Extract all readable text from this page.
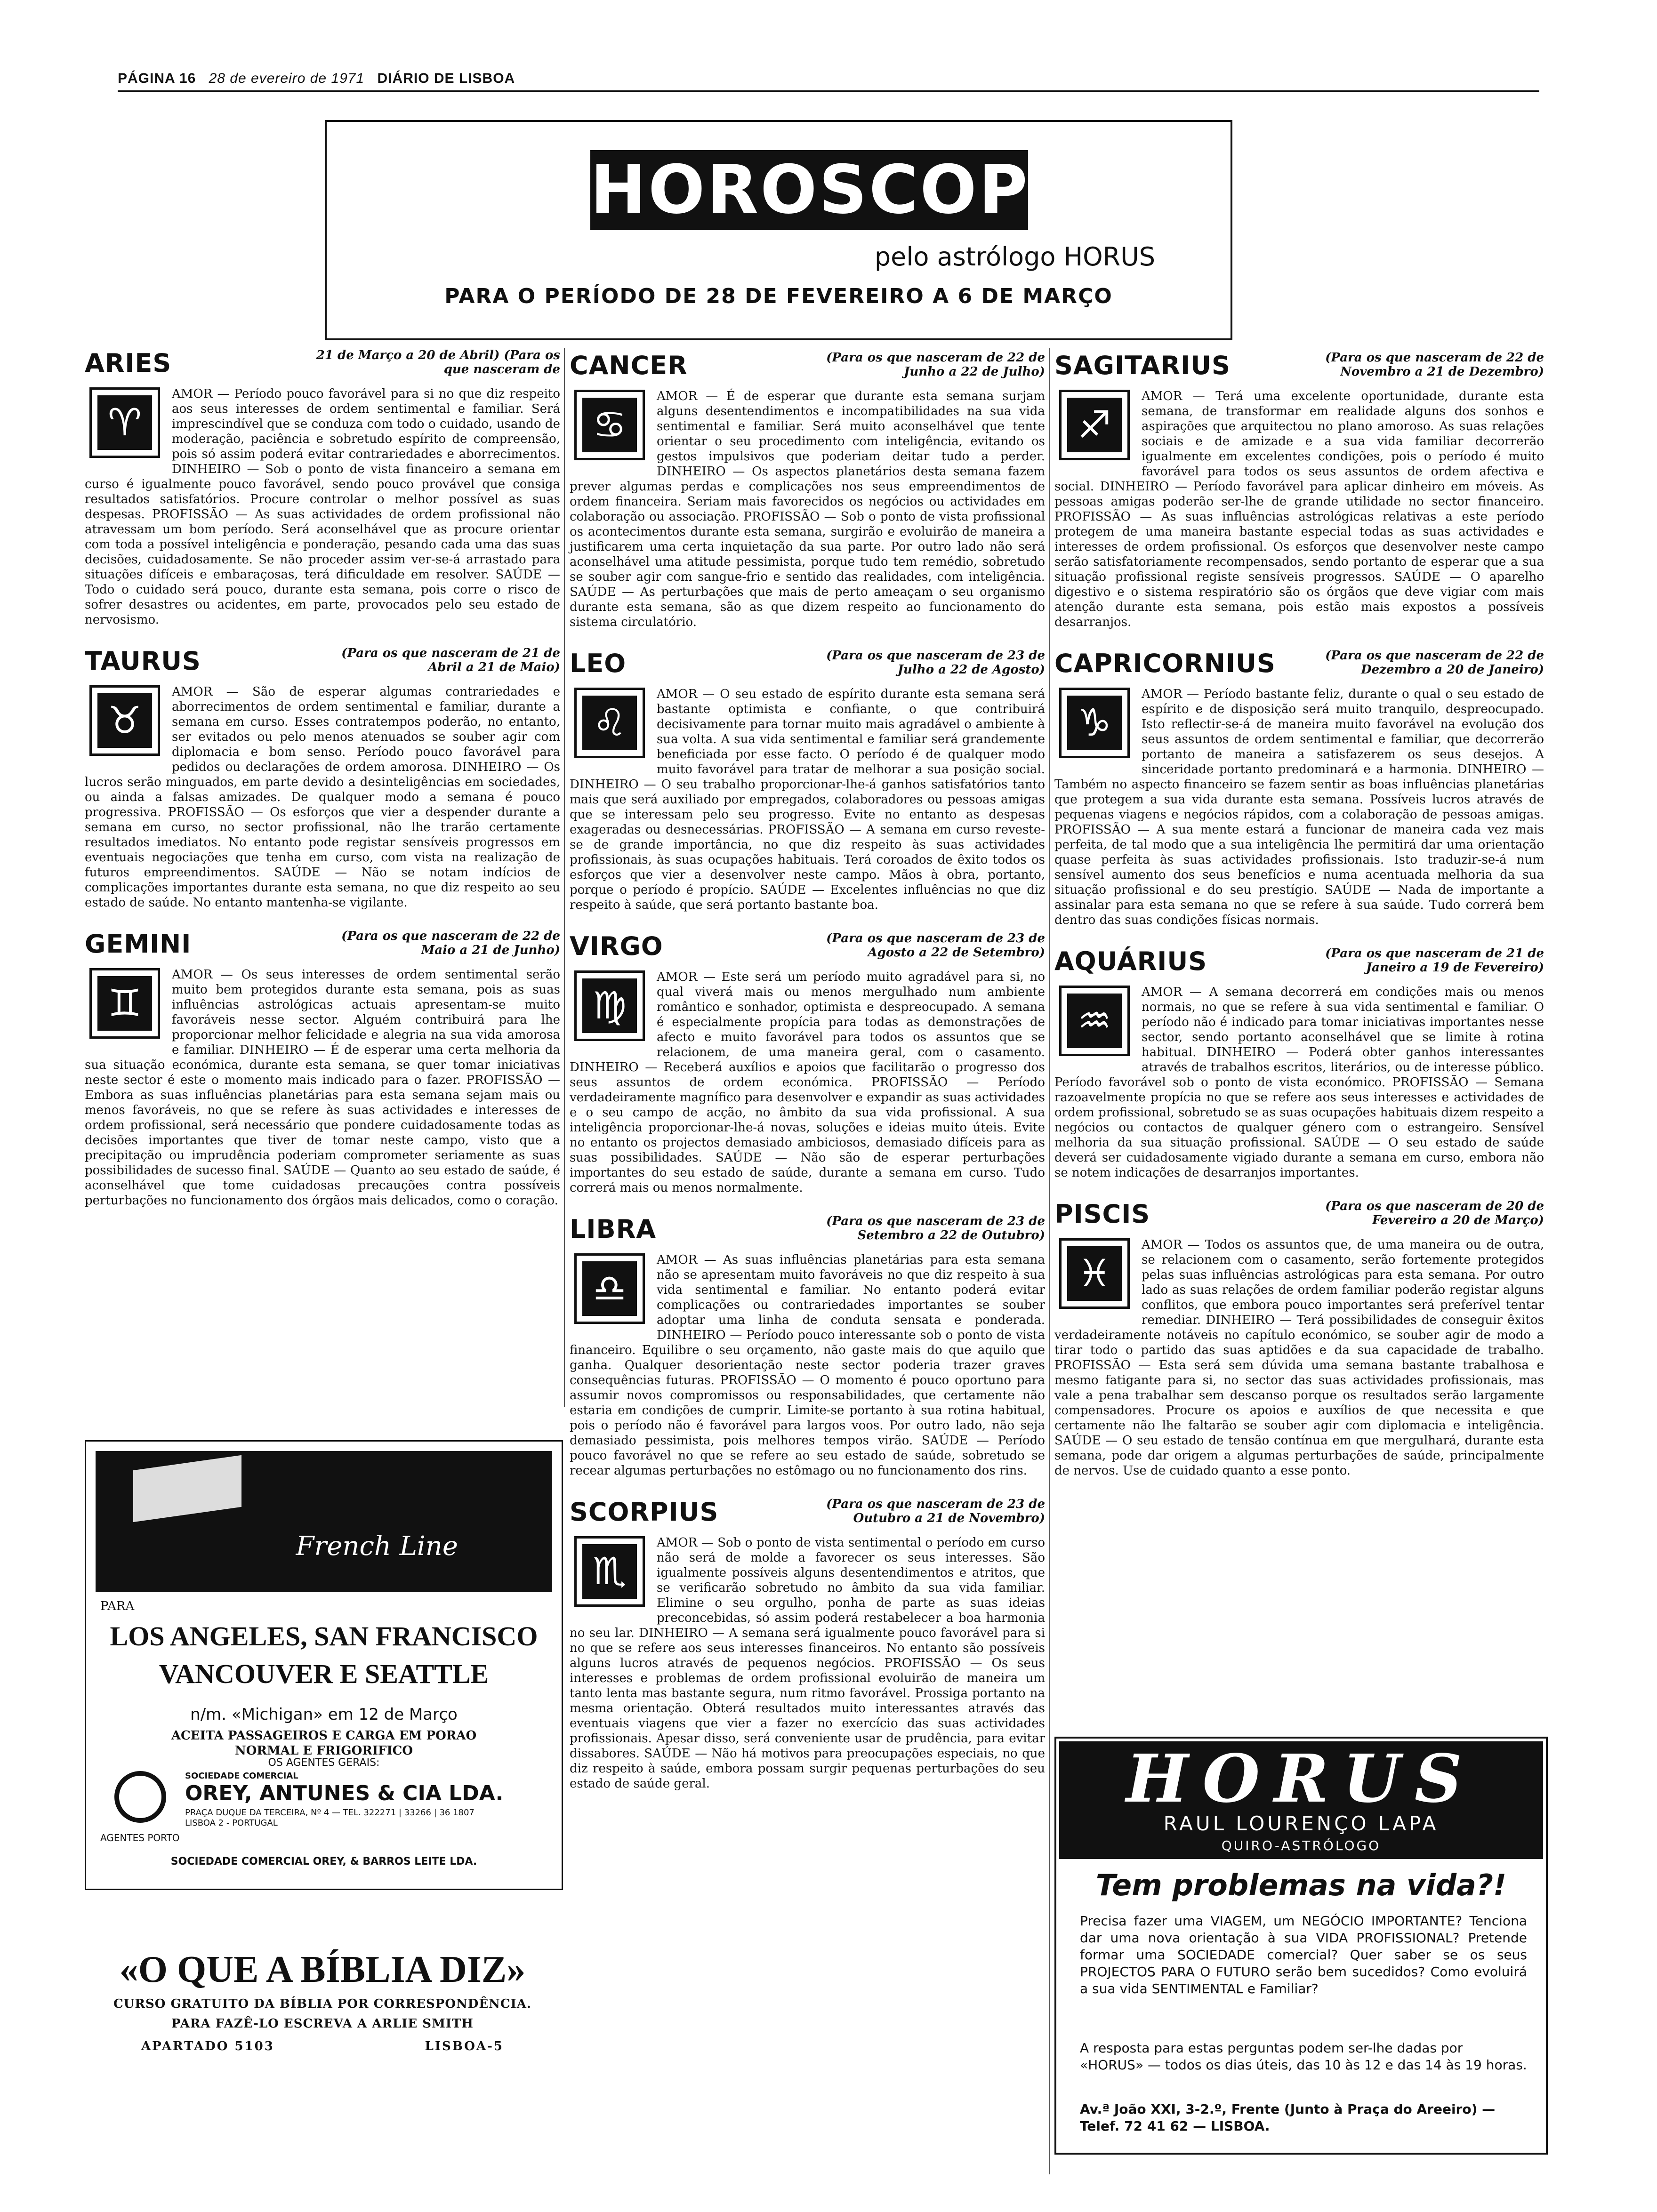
PÁGINA 16 28 de evereiro de 1971 DIÁRIO DE LISBOA
HOROSCOPO
pelo astrólogo HORUS
PARA O PERÍODO DE 28 DE FEVEREIRO A 6 DE MARÇO
ARIES	21 de Março a 20 de Abril) (Para os que nasceram de
♈
AMOR — Período pouco favorável para si no que diz respeito aos seus interesses de ordem sentimental e familiar. Será imprescindível que se conduza com todo o cuidado, usando de moderação, paciência e sobretudo espírito de compreensão, pois só assim poderá evitar contrariedades e aborrecimentos. DINHEIRO — Sob o ponto de vista financeiro a semana em curso é igualmente pouco favorável, sendo pouco provável que consiga resultados satisfatórios. Procure controlar o melhor possível as suas despesas. PROFISSÃO — As suas actividades de ordem profissional não atravessam um bom período. Será aconselhável que as procure orientar com toda a possível inteligência e ponderação, pesando cada uma das suas decisões, cuidadosamente. Se não proceder assim ver-se-á arrastado para situações difíceis e embaraçosas, terá dificuldade em resolver. SAÚDE — Todo o cuidado será pouco, durante esta semana, pois corre o risco de sofrer desastres ou acidentes, em parte, provocados pelo seu estado de nervosismo.
TAURUS	(Para os que nasceram de 21 de Abril a 21 de Maio)
♉
AMOR — São de esperar algumas contrariedades e aborrecimentos de ordem sentimental e familiar, durante a semana em curso. Esses contratempos poderão, no entanto, ser evitados ou pelo menos atenuados se souber agir com diplomacia e bom senso. Período pouco favorável para pedidos ou declarações de ordem amorosa. DINHEIRO — Os lucros serão minguados, em parte devido a desinteligências em sociedades, ou ainda a falsas amizades. De qualquer modo a semana é pouco progressiva. PROFISSÃO — Os esforços que vier a despender durante a semana em curso, no sector profissional, não lhe trarão certamente resultados imediatos. No entanto pode registar sensíveis progressos em eventuais negociações que tenha em curso, com vista na realização de futuros empreendimentos. SAÚDE — Não se notam indícios de complicações importantes durante esta semana, no que diz respeito ao seu estado de saúde. No entanto mantenha-se vigilante.
GEMINI	(Para os que nasceram de 22 de Maio a 21 de Junho)
♊
AMOR — Os seus interesses de ordem sentimental serão muito bem protegidos durante esta semana, pois as suas influências astrológicas actuais apresentam-se muito favoráveis nesse sector. Alguém contribuirá para lhe proporcionar melhor felicidade e alegria na sua vida amorosa e familiar. DINHEIRO — É de esperar uma certa melhoria da sua situação económica, durante esta semana, se quer tomar iniciativas neste sector é este o momento mais indicado para o fazer. PROFISSÃO — Embora as suas influências planetárias para esta semana sejam mais ou menos favoráveis, no que se refere às suas actividades e interesses de ordem profissional, será necessário que pondere cuidadosamente todas as decisões importantes que tiver de tomar neste campo, visto que a precipitação ou imprudência poderiam comprometer seriamente as suas possibilidades de sucesso final. SAÚDE — Quanto ao seu estado de saúde, é aconselhável que tome cuidadosas precauções contra possíveis perturbações no funcionamento dos órgãos mais delicados, como o coração.
CANCER	(Para os que nasceram de 22 de Junho a 22 de Julho)
♋
AMOR — É de esperar que durante esta semana surjam alguns desentendimentos e incompatibilidades na sua vida sentimental e familiar. Será muito aconselhável que tente orientar o seu procedimento com inteligência, evitando os gestos impulsivos que poderiam deitar tudo a perder. DINHEIRO — Os aspectos planetários desta semana fazem prever algumas perdas e complicações nos seus empreendimentos de ordem financeira. Seriam mais favorecidos os negócios ou actividades em colaboração ou associação. PROFISSÃO — Sob o ponto de vista profissional os acontecimentos durante esta semana, surgirão e evoluirão de maneira a justificarem uma certa inquietação da sua parte. Por outro lado não será aconselhável uma atitude pessimista, porque tudo tem remédio, sobretudo se souber agir com sangue-frio e sentido das realidades, com inteligência. SAÚDE — As perturbações que mais de perto ameaçam o seu organismo durante esta semana, são as que dizem respeito ao funcionamento do sistema circulatório.
LEO	(Para os que nasceram de 23 de Julho a 22 de Agosto)
♌
AMOR — O seu estado de espírito durante esta semana será bastante optimista e confiante, o que contribuirá decisivamente para tornar muito mais agradável o ambiente à sua volta. A sua vida sentimental e familiar será grandemente beneficiada por esse facto. O período é de qualquer modo muito favorável para tratar de melhorar a sua posição social. DINHEIRO — O seu trabalho proporcionar-lhe-á ganhos satisfatórios tanto mais que será auxiliado por empregados, colaboradores ou pessoas amigas que se interessam pelo seu progresso. Evite no entanto as despesas exageradas ou desnecessárias. PROFISSÃO — A semana em curso reveste-se de grande importância, no que diz respeito às suas actividades profissionais, às suas ocupações habituais. Terá coroados de êxito todos os esforços que vier a desenvolver neste campo. Mãos à obra, portanto, porque o período é propício. SAÚDE — Excelentes influências no que diz respeito à saúde, que será portanto bastante boa.
VIRGO	(Para os que nasceram de 23 de Agosto a 22 de Setembro)
♍
AMOR — Este será um período muito agradável para si, no qual viverá mais ou menos mergulhado num ambiente romântico e sonhador, optimista e despreocupado. A semana é especialmente propícia para todas as demonstrações de afecto e muito favorável para todos os assuntos que se relacionem, de uma maneira geral, com o casamento. DINHEIRO — Receberá auxílios e apoios que facilitarão o progresso dos seus assuntos de ordem económica. PROFISSÃO — Período verdadeiramente magnífico para desenvolver e expandir as suas actividades e o seu campo de acção, no âmbito da sua vida profissional. A sua inteligência proporcionar-lhe-á novas, soluções e ideias muito úteis. Evite no entanto os projectos demasiado ambiciosos, demasiado difíceis para as suas possibilidades. SAÚDE — Não são de esperar perturbações importantes do seu estado de saúde, durante a semana em curso. Tudo correrá mais ou menos normalmente.
LIBRA	(Para os que nasceram de 23 de Setembro a 22 de Outubro)
♎
AMOR — As suas influências planetárias para esta semana não se apresentam muito favoráveis no que diz respeito à sua vida sentimental e familiar. No entanto poderá evitar complicações ou contrariedades importantes se souber adoptar uma linha de conduta sensata e ponderada. DINHEIRO — Período pouco interessante sob o ponto de vista financeiro. Equilibre o seu orçamento, não gaste mais do que aquilo que ganha. Qualquer desorientação neste sector poderia trazer graves consequências futuras. PROFISSÃO — O momento é pouco oportuno para assumir novos compromissos ou responsabilidades, que certamente não estaria em condições de cumprir. Limite-se portanto à sua rotina habitual, pois o período não é favorável para largos voos. Por outro lado, não seja demasiado pessimista, pois melhores tempos virão. SAÚDE — Período pouco favorável no que se refere ao seu estado de saúde, sobretudo se recear algumas perturbações no estômago ou no funcionamento dos rins.
SCORPIUS	(Para os que nasceram de 23 de Outubro a 21 de Novembro)
♏
AMOR — Sob o ponto de vista sentimental o período em curso não será de molde a favorecer os seus interesses. São igualmente possíveis alguns desentendimentos e atritos, que se verificarão sobretudo no âmbito da sua vida familiar. Elimine o seu orgulho, ponha de parte as suas ideias preconcebidas, só assim poderá restabelecer a boa harmonia no seu lar. DINHEIRO — A semana será igualmente pouco favorável para si no que se refere aos seus interesses financeiros. No entanto são possíveis alguns lucros através de pequenos negócios. PROFISSÃO — Os seus interesses e problemas de ordem profissional evoluirão de maneira um tanto lenta mas bastante segura, num ritmo favorável. Prossiga portanto na mesma orientação. Obterá resultados muito interessantes através das eventuais viagens que vier a fazer no exercício das suas actividades profissionais. Apesar disso, será conveniente usar de prudência, para evitar dissabores. SAÚDE — Não há motivos para preocupações especiais, no que diz respeito à saúde, embora possam surgir pequenas perturbações do seu estado de saúde geral.
SAGITARIUS	(Para os que nasceram de 22 de Novembro a 21 de Dezembro)
♐
AMOR — Terá uma excelente oportunidade, durante esta semana, de transformar em realidade alguns dos sonhos e aspirações que arquitectou no plano amoroso. As suas relações sociais e de amizade e a sua vida familiar decorrerão igualmente em excelentes condições, pois o período é muito favorável para todos os seus assuntos de ordem afectiva e social. DINHEIRO — Período favorável para aplicar dinheiro em móveis. As pessoas amigas poderão ser-lhe de grande utilidade no sector financeiro. PROFISSÃO — As suas influências astrológicas relativas a este período protegem de uma maneira bastante especial todas as suas actividades e interesses de ordem profissional. Os esforços que desenvolver neste campo serão satisfatoriamente recompensados, sendo portanto de esperar que a sua situação profissional registe sensíveis progressos. SAÚDE — O aparelho digestivo e o sistema respiratório são os órgãos que deve vigiar com mais atenção durante esta semana, pois estão mais expostos a possíveis desarranjos.
CAPRICORNIUS	(Para os que nasceram de 22 de Dezembro a 20 de Janeiro)
♑
AMOR — Período bastante feliz, durante o qual o seu estado de espírito e de disposição será muito tranquilo, despreocupado. Isto reflectir-se-á de maneira muito favorável na evolução dos seus assuntos de ordem sentimental e familiar, que decorrerão portanto de maneira a satisfazerem os seus desejos. A sinceridade portanto predominará e a harmonia. DINHEIRO — Também no aspecto financeiro se fazem sentir as boas influências planetárias que protegem a sua vida durante esta semana. Possíveis lucros através de pequenas viagens e negócios rápidos, com a colaboração de pessoas amigas. PROFISSÃO — A sua mente estará a funcionar de maneira cada vez mais perfeita, de tal modo que a sua inteligência lhe permitirá dar uma orientação quase perfeita às suas actividades profissionais. Isto traduzir-se-á num sensível aumento dos seus benefícios e numa acentuada melhoria da sua situação profissional e do seu prestígio. SAÚDE — Nada de importante a assinalar para esta semana no que se refere à sua saúde. Tudo correrá bem dentro das suas condições físicas normais.
AQUÁRIUS	(Para os que nasceram de 21 de Janeiro a 19 de Fevereiro)
♒
AMOR — A semana decorrerá em condições mais ou menos normais, no que se refere à sua vida sentimental e familiar. O período não é indicado para tomar iniciativas importantes nesse sector, sendo portanto aconselhável que se limite à rotina habitual. DINHEIRO — Poderá obter ganhos interessantes através de trabalhos escritos, literários, ou de interesse público. Período favorável sob o ponto de vista económico. PROFISSÃO — Semana razoavelmente propícia no que se refere aos seus interesses e actividades de ordem profissional, sobretudo se as suas ocupações habituais dizem respeito a negócios ou contactos de qualquer género com o estrangeiro. Sensível melhoria da sua situação profissional. SAÚDE — O seu estado de saúde deverá ser cuidadosamente vigiado durante a semana em curso, embora não se notem indicações de desarranjos importantes.
PISCIS	(Para os que nasceram de 20 de Fevereiro a 20 de Março)
♓
AMOR — Todos os assuntos que, de uma maneira ou de outra, se relacionem com o casamento, serão fortemente protegidos pelas suas influências astrológicas para esta semana. Por outro lado as suas relações de ordem familiar poderão registar alguns conflitos, que embora pouco importantes será preferível tentar remediar. DINHEIRO — Terá possibilidades de conseguir êxitos verdadeiramente notáveis no capítulo económico, se souber agir de modo a tirar todo o partido das suas aptidões e da sua capacidade de trabalho. PROFISSÃO — Esta será sem dúvida uma semana bastante trabalhosa e mesmo fatigante para si, no sector das suas actividades profissionais, mas vale a pena trabalhar sem descanso porque os resultados serão largamente compensadores. Procure os apoios e auxílios de que necessita e que certamente não lhe faltarão se souber agir com diplomacia e inteligência. SAÚDE — O seu estado de tensão contínua em que mergulhará, durante esta semana, pode dar origem a algumas perturbações de saúde, principalmente de nervos. Use de cuidado quanto a esse ponto.
French Line
PARA
LOS ANGELES, SAN FRANCISCO
VANCOUVER E SEATTLE
n/m. «Michigan» em 12 de Março
ACEITA PASSAGEIROS E CARGA EM PORAO
NORMAL E FRIGORIFICO
OS AGENTES GERAIS:
SOCIEDADE COMERCIAL
OREY, ANTUNES & CIA LDA.
PRAÇA DUQUE DA TERCEIRA, Nº 4 — TEL. 322271 | 33266 | 36 1807
LISBOA 2 - PORTUGAL
AGENTES PORTO
SOCIEDADE COMERCIAL OREY, & BARROS LEITE LDA.
«O QUE A BÍBLIA DIZ»
CURSO GRATUITO DA BÍBLIA POR CORRESPONDÊNCIA.
PARA FAZÊ-LO ESCREVA A ARLIE SMITH
APARTADO 5103	LISBOA-5
HORUS
RAUL LOURENÇO LAPA
QUIRO-ASTRÓLOGO
Tem problemas na vida?!
Precisa fazer uma VIAGEM, um NEGÓCIO IMPORTANTE? Tenciona dar uma nova orientação à sua VIDA PROFISSIONAL? Pretende formar uma SOCIEDADE comercial? Quer saber se os seus PROJECTOS PARA O FUTURO serão bem sucedidos? Como evoluirá a sua vida SENTIMENTAL e Familiar?
A resposta para estas perguntas podem ser-lhe dadas por «HORUS» — todos os dias úteis, das 10 às 12 e das 14 às 19 horas.
Av.ª João XXI, 3-2.º, Frente (Junto à Praça do Areeiro) — Telef. 72 41 62 — LISBOA.
